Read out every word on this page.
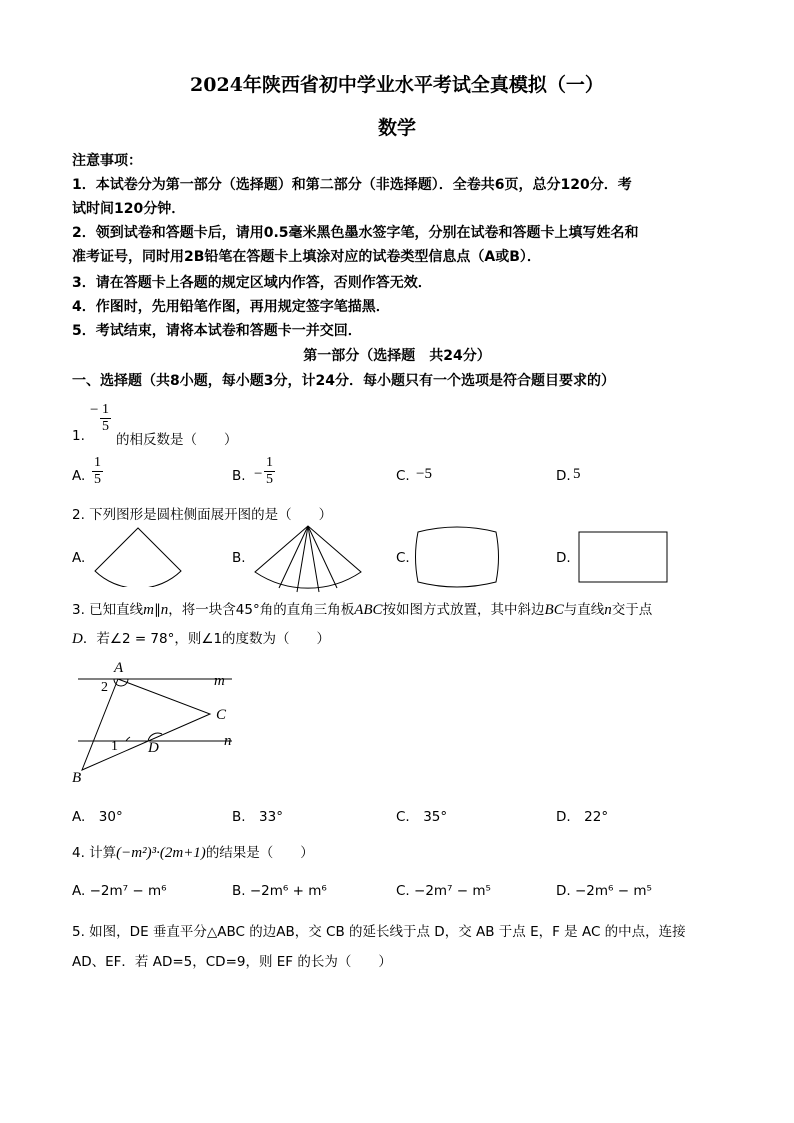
2024年陕西省初中学业水平考试全真模拟（一）
数学
注意事项：
1．本试卷分为第一部分（选择题）和第二部分（非选择题）．全卷共6页，总分120分．考
试时间120分钟．
2．领到试卷和答题卡后，请用0.5毫米黑色墨水签字笔，分别在试卷和答题卡上填写姓名和
准考证号，同时用2B铅笔在答题卡上填涂对应的试卷类型信息点（A或B）．
3．请在答题卡上各题的规定区域内作答，否则作答无效．
4．作图时，先用铅笔作图，再用规定签字笔描黑．
5．考试结束，请将本试卷和答题卡一并交回．
第一部分（选择题　共24分）
一、选择题（共8小题，每小题3分，计24分．每小题只有一个选项是符合题目要求的）
1.
− $\frac{1}{5}$
的相反数是（　　）
A. $\frac{1}{5}$	B. − $\frac{1}{5}$	C. −5	D. 5
2. 下列图形是圆柱侧面展开图的是（　　）
A.	B.	C.	D.
3. 已知直线m∥n，将一块含45°角的直角三角板ABC按如图方式放置，其中斜边BC与直线n交于点
D．若∠2 = 78°，则∠1的度数为（　　）
A
m
C
n
D
B
2
1
A.　30°	B.　33°	C.　35°	D.　22°
4. 计算(−m²)³·(2m+1)的结果是（　　）
A. −2m⁷ − m⁶	B. −2m⁶ + m⁶	C. −2m⁷ − m⁵	D. −2m⁶ − m⁵
5. 如图，DE 垂直平分△ABC 的边AB，交 CB 的延长线于点 D，交 AB 于点 E，F 是 AC 的中点，连接
AD、EF．若 AD=5，CD=9，则 EF 的长为（　　）
